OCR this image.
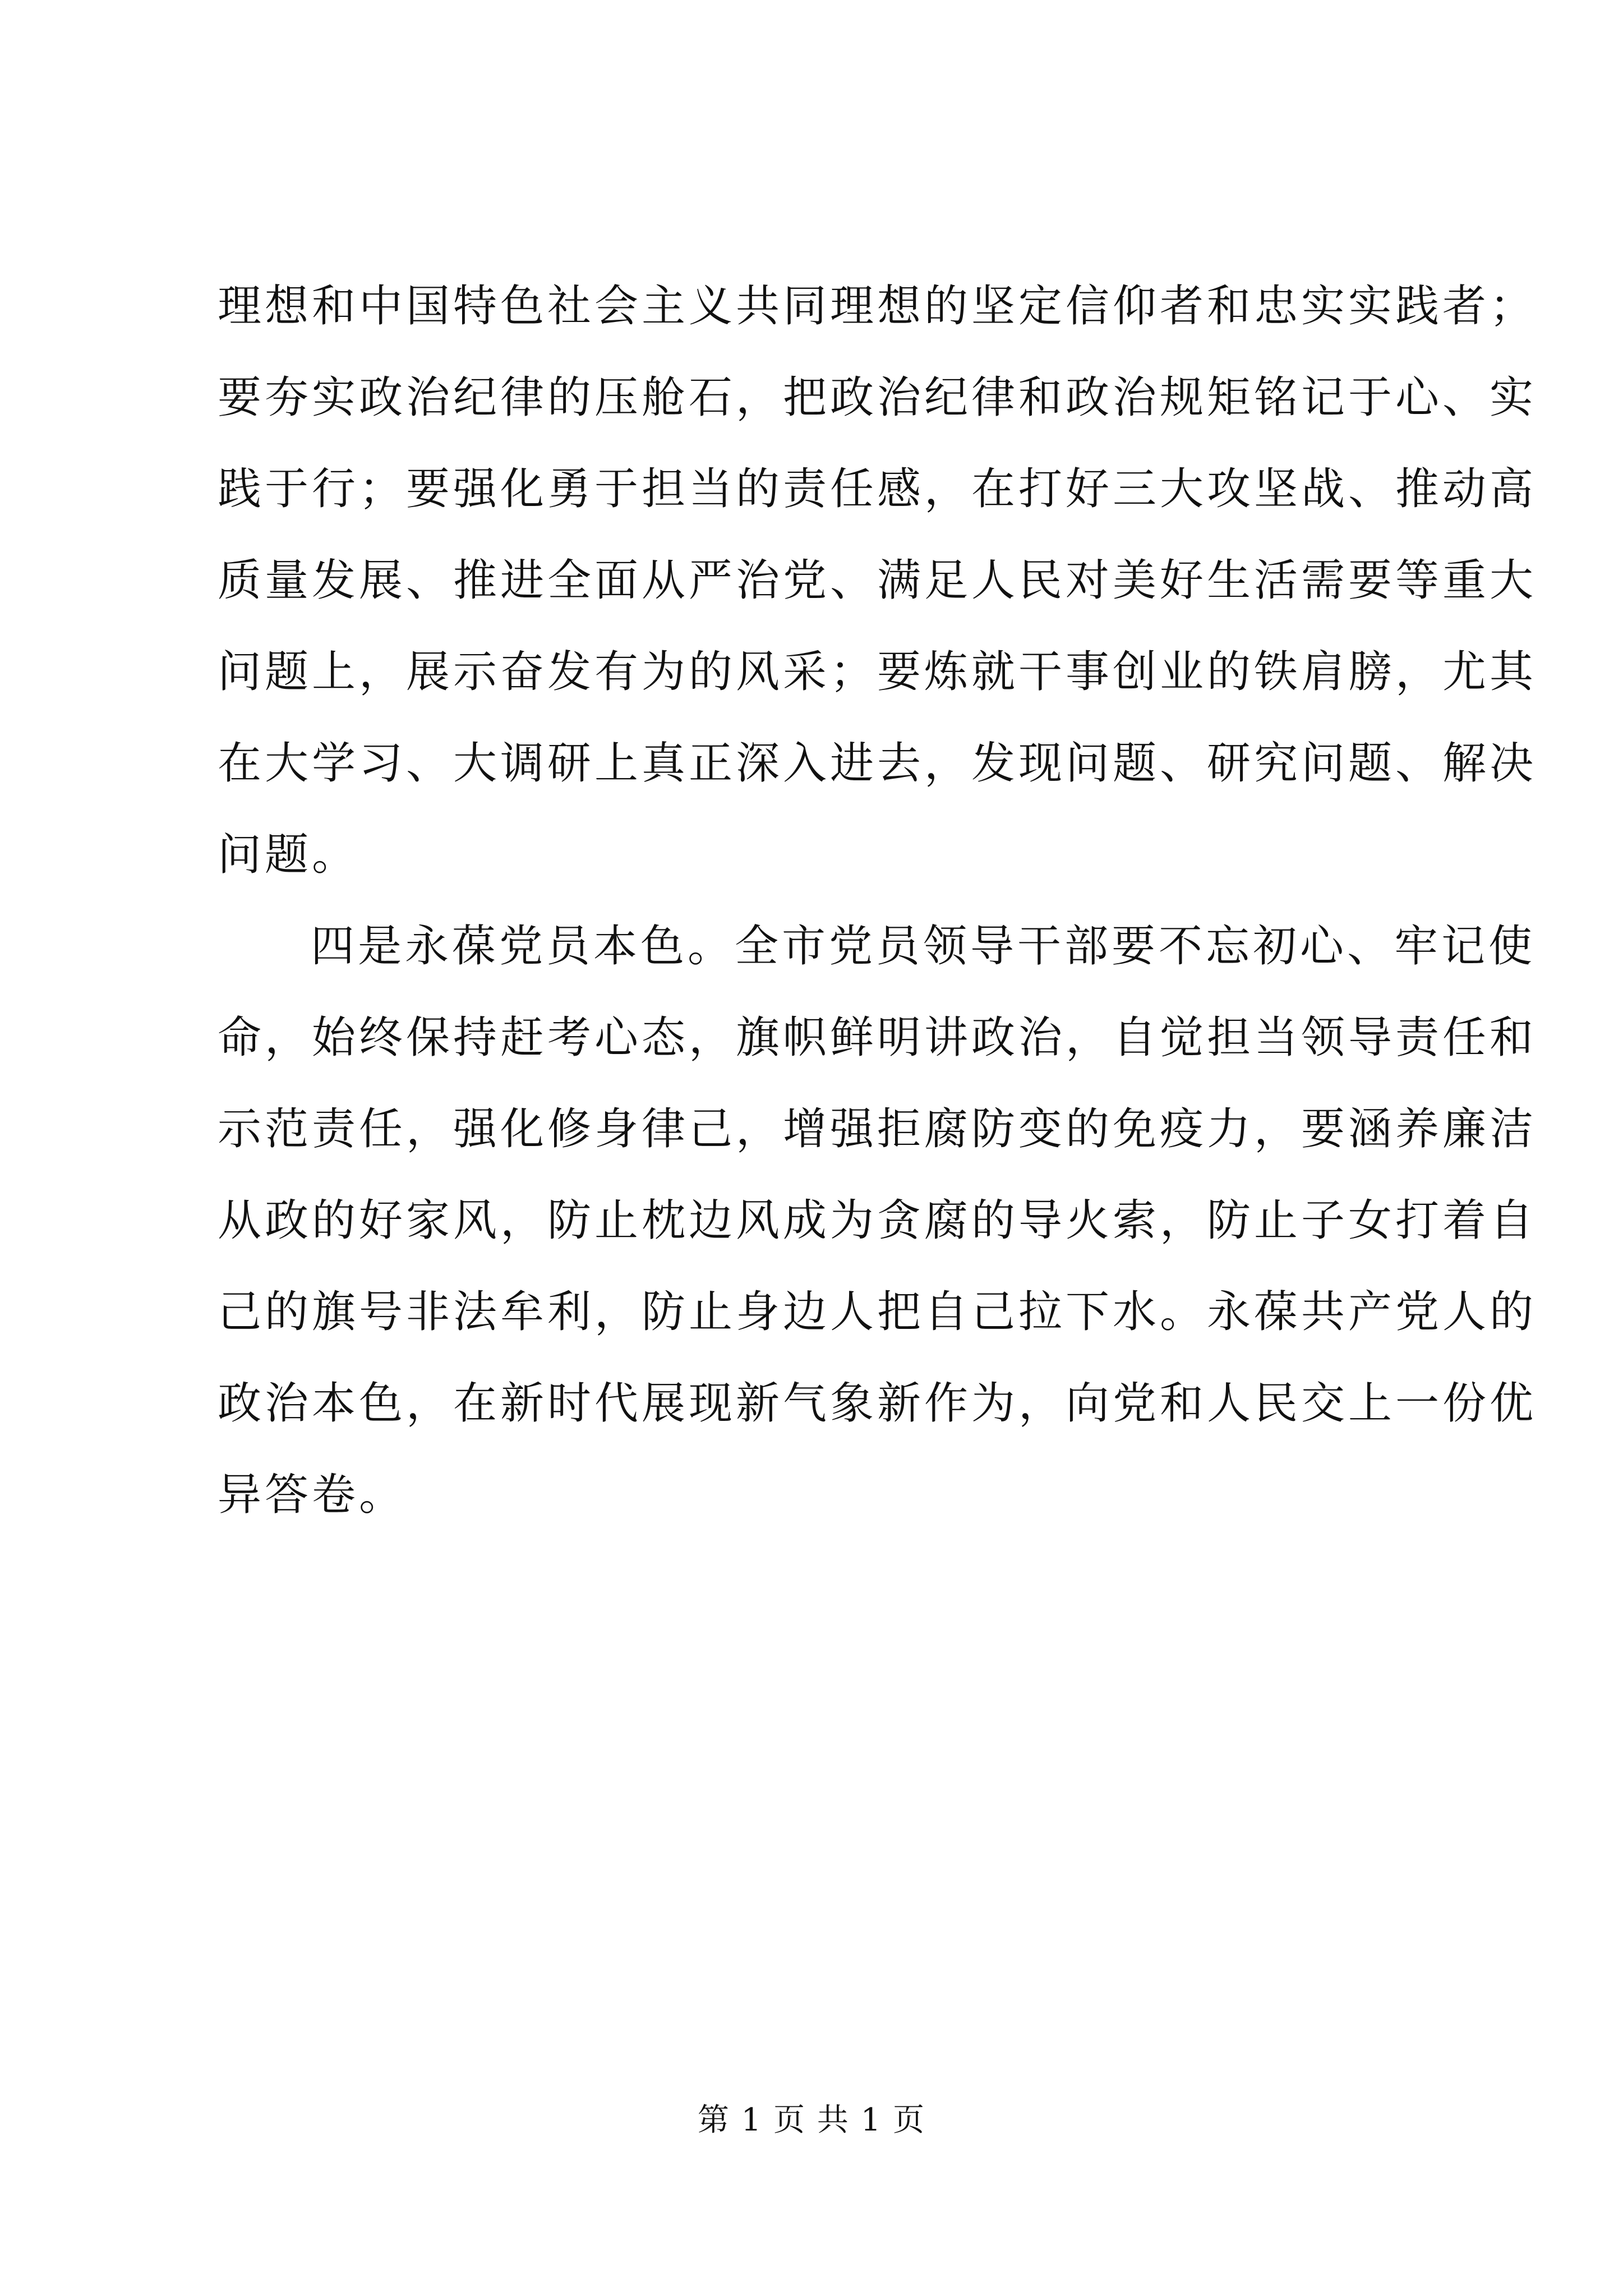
理想和中国特色社会主义共同理想的坚定信仰者和忠实实践者；
要夯实政治纪律的压舱石，把政治纪律和政治规矩铭记于心、实
践于行；要强化勇于担当的责任感，在打好三大攻坚战、推动高
质量发展、推进全面从严治党、满足人民对美好生活需要等重大
问题上，展示奋发有为的风采；要炼就干事创业的铁肩膀，尤其
在大学习、大调研上真正深入进去，发现问题、研究问题、解决
问题。
四是永葆党员本色。全市党员领导干部要不忘初心、牢记使
命，始终保持赶考心态，旗帜鲜明讲政治，自觉担当领导责任和
示范责任，强化修身律己，增强拒腐防变的免疫力，要涵养廉洁
从政的好家风，防止枕边风成为贪腐的导火索，防止子女打着自
己的旗号非法牟利，防止身边人把自己拉下水。永葆共产党人的
政治本色，在新时代展现新气象新作为，向党和人民交上一份优
异答卷。
第 1 页 共 1 页
